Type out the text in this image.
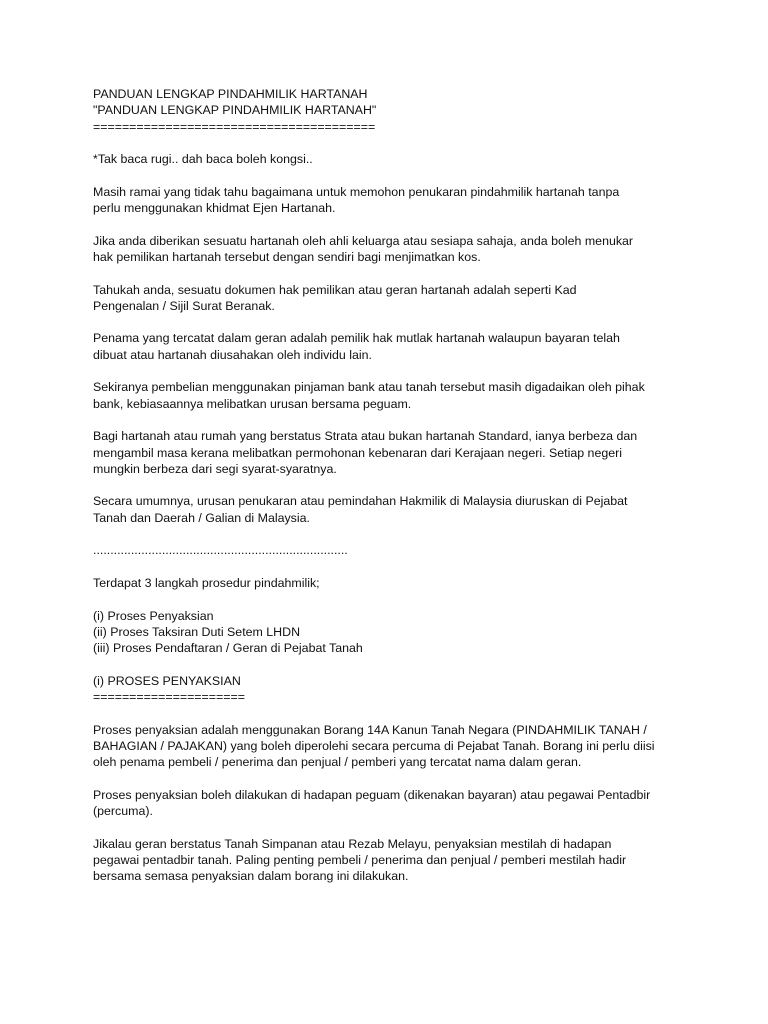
PANDUAN LENGKAP PINDAHMILIK HARTANAH

"PANDUAN LENGKAP PINDAHMILIK HARTANAH"

=======================================

*Tak baca rugi.. dah baca boleh kongsi..

Masih ramai yang tidak tahu bagaimana untuk memohon penukaran pindahmilik hartanah tanpa

perlu menggunakan khidmat Ejen Hartanah.

Jika anda diberikan sesuatu hartanah oleh ahli keluarga atau sesiapa sahaja, anda boleh menukar

hak pemilikan hartanah tersebut dengan sendiri bagi menjimatkan kos.

Tahukah anda, sesuatu dokumen hak pemilikan atau geran hartanah adalah seperti Kad

Pengenalan / Sijil Surat Beranak.

Penama yang tercatat dalam geran adalah pemilik hak mutlak hartanah walaupun bayaran telah

dibuat atau hartanah diusahakan oleh individu lain.

Sekiranya pembelian menggunakan pinjaman bank atau tanah tersebut masih digadaikan oleh pihak

bank, kebiasaannya melibatkan urusan bersama peguam.

Bagi hartanah atau rumah yang berstatus Strata atau bukan hartanah Standard, ianya berbeza dan

mengambil masa kerana melibatkan permohonan kebenaran dari Kerajaan negeri. Setiap negeri

mungkin berbeza dari segi syarat-syaratnya.

Secara umumnya, urusan penukaran atau pemindahan Hakmilik di Malaysia diuruskan di Pejabat

Tanah dan Daerah / Galian di Malaysia.

..........................................................................

Terdapat 3 langkah prosedur pindahmilik;

(i) Proses Penyaksian

(ii) Proses Taksiran Duti Setem LHDN

(iii) Proses Pendaftaran / Geran di Pejabat Tanah

(i) PROSES PENYAKSIAN

=====================

Proses penyaksian adalah menggunakan Borang 14A Kanun Tanah Negara (PINDAHMILIK TANAH /

BAHAGIAN / PAJAKAN) yang boleh diperolehi secara percuma di Pejabat Tanah. Borang ini perlu diisi

oleh penama pembeli / penerima dan penjual / pemberi yang tercatat nama dalam geran.

Proses penyaksian boleh dilakukan di hadapan peguam (dikenakan bayaran) atau pegawai Pentadbir

(percuma).

Jikalau geran berstatus Tanah Simpanan atau Rezab Melayu, penyaksian mestilah di hadapan

pegawai pentadbir tanah. Paling penting pembeli / penerima dan penjual / pemberi mestilah hadir

bersama semasa penyaksian dalam borang ini dilakukan.
